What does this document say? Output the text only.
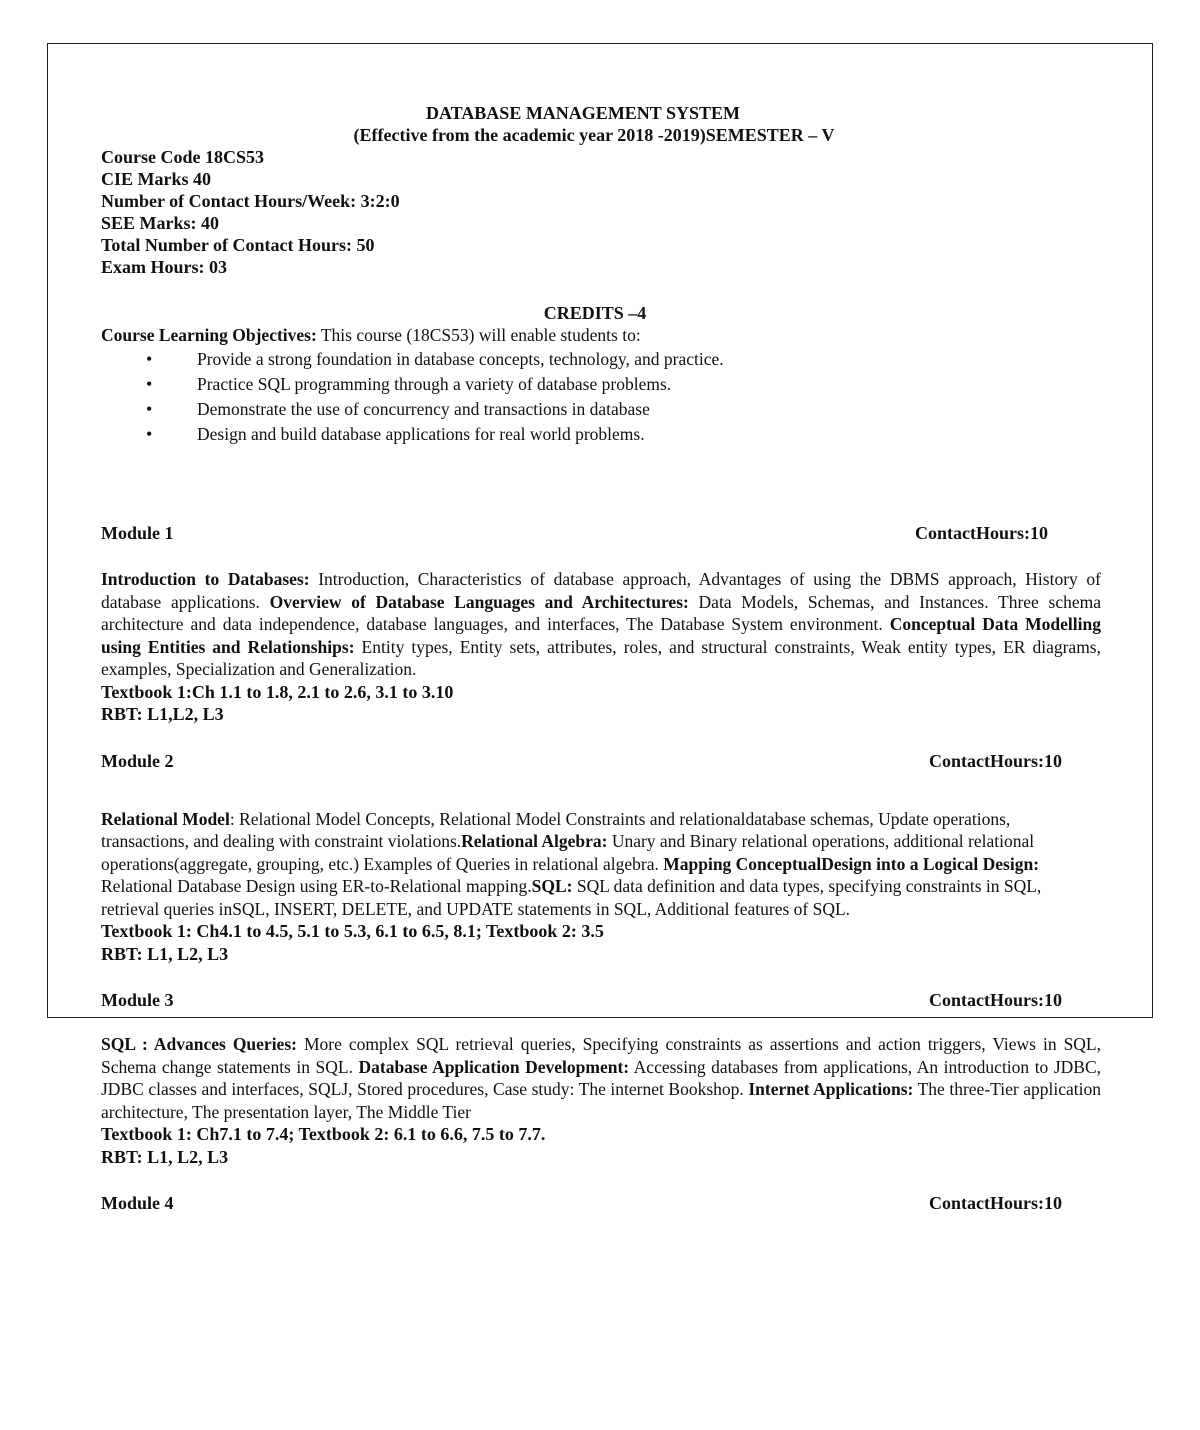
DATABASE MANAGEMENT SYSTEM
(Effective from the academic year 2018 -2019)SEMESTER – V
Course Code 18CS53
CIE Marks 40
Number of Contact Hours/Week: 3:2:0
SEE Marks: 40
Total Number of Contact Hours: 50
Exam Hours: 03
CREDITS –4
Course Learning Objectives: This course (18CS53) will enable students to:
• Provide a strong foundation in database concepts, technology, and practice.
• Practice SQL programming through a variety of database problems.
• Demonstrate the use of concurrency and transactions in database
• Design and build database applications for real world problems.
Module 1	ContactHours:10
Introduction to Databases: Introduction, Characteristics of database approach, Advantages of using the DBMS approach, History of database applications. Overview of Database Languages and Architectures: Data Models, Schemas, and Instances. Three schema architecture and data independence, database languages, and interfaces, The Database System environment. Conceptual Data Modelling using Entities and Relationships: Entity types, Entity sets, attributes, roles, and structural constraints, Weak entity types, ER diagrams, examples, Specialization and Generalization.
Textbook 1:Ch 1.1 to 1.8, 2.1 to 2.6, 3.1 to 3.10
RBT: L1,L2, L3
Module 2	ContactHours:10
Relational Model: Relational Model Concepts, Relational Model Constraints and relationaldatabase schemas, Update operations, transactions, and dealing with constraint violations.Relational Algebra: Unary and Binary relational operations, additional relational operations(aggregate, grouping, etc.) Examples of Queries in relational algebra. Mapping ConceptualDesign into a Logical Design: Relational Database Design using ER-to-Relational mapping.SQL: SQL data definition and data types, specifying constraints in SQL, retrieval queries inSQL, INSERT, DELETE, and UPDATE statements in SQL, Additional features of SQL.
Textbook 1: Ch4.1 to 4.5, 5.1 to 5.3, 6.1 to 6.5, 8.1; Textbook 2: 3.5
RBT: L1, L2, L3
Module 3	ContactHours:10
SQL : Advances Queries: More complex SQL retrieval queries, Specifying constraints as assertions and action triggers, Views in SQL, Schema change statements in SQL. Database Application Development: Accessing databases from applications, An introduction to JDBC, JDBC classes and interfaces, SQLJ, Stored procedures, Case study: The internet Bookshop. Internet Applications: The three-Tier application architecture, The presentation layer, The Middle Tier
Textbook 1: Ch7.1 to 7.4; Textbook 2: 6.1 to 6.6, 7.5 to 7.7.
RBT: L1, L2, L3
Module 4	ContactHours:10
